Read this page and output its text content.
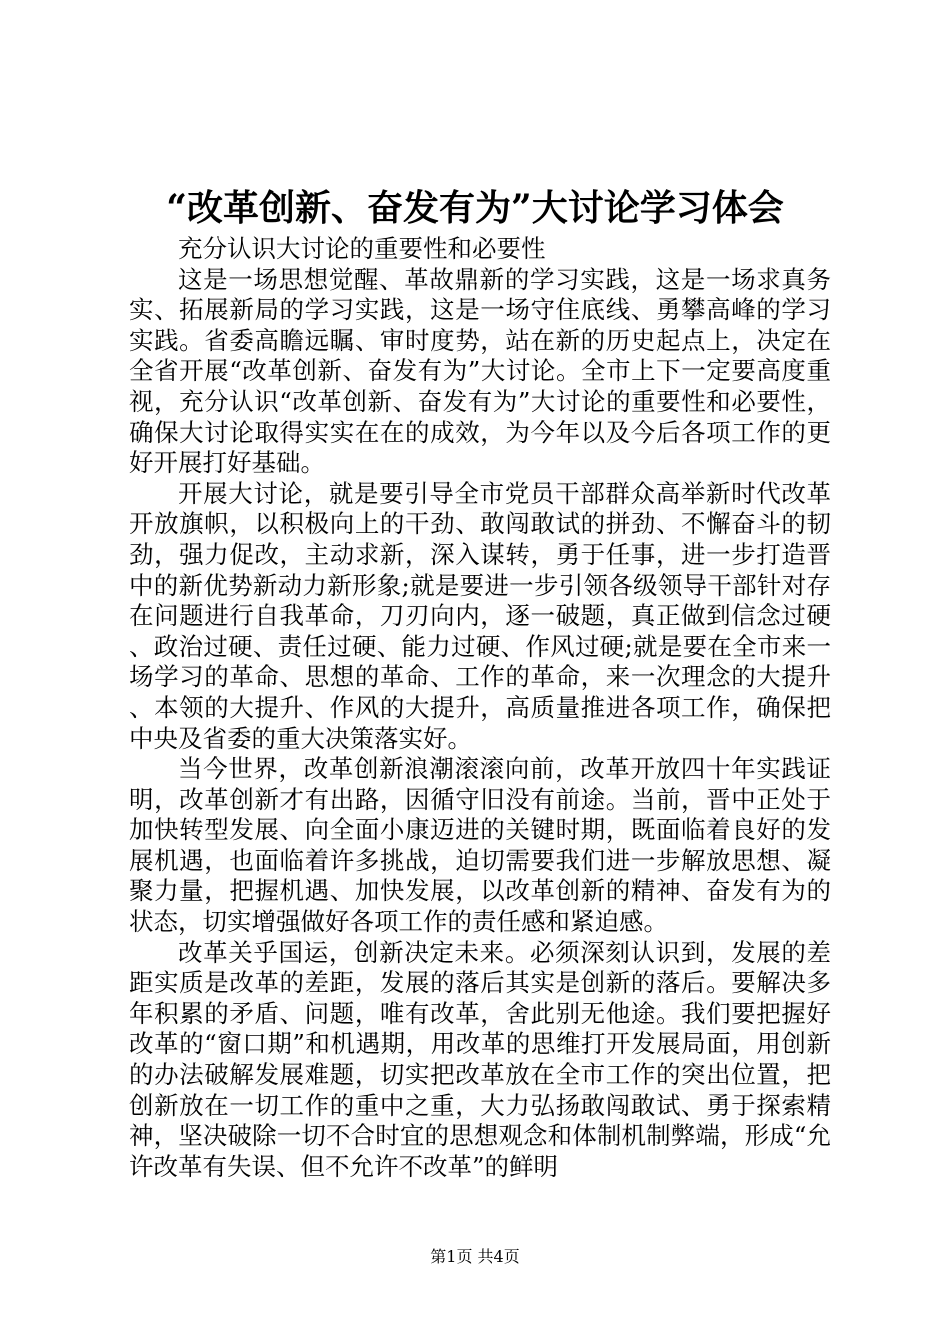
“改革创新、奋发有为”大讨论学习体会

充分认识大讨论的重要性和必要性

这是一场思想觉醒、革故鼎新的学习实践，这是一场求真务实、拓展新局的学习实践，这是一场守住底线、勇攀高峰的学习实践。省委高瞻远瞩、审时度势，站在新的历史起点上，决定在全省开展“改革创新、奋发有为”大讨论。全市上下一定要高度重视，充分认识“改革创新、奋发有为”大讨论的重要性和必要性，确保大讨论取得实实在在的成效，为今年以及今后各项工作的更好开展打好基础。

开展大讨论，就是要引导全市党员干部群众高举新时代改革开放旗帜，以积极向上的干劲、敢闯敢试的拼劲、不懈奋斗的韧劲，强力促改，主动求新，深入谋转，勇于任事，进一步打造晋中的新优势新动力新形象;就是要进一步引领各级领导干部针对存在问题进行自我革命，刀刃向内，逐一破题，真正做到信念过硬、政治过硬、责任过硬、能力过硬、作风过硬;就是要在全市来一场学习的革命、思想的革命、工作的革命，来一次理念的大提升、本领的大提升、作风的大提升，高质量推进各项工作，确保把中央及省委的重大决策落实好。

当今世界，改革创新浪潮滚滚向前，改革开放四十年实践证明，改革创新才有出路，因循守旧没有前途。当前，晋中正处于加快转型发展、向全面小康迈进的关键时期，既面临着良好的发展机遇，也面临着许多挑战，迫切需要我们进一步解放思想、凝聚力量，把握机遇、加快发展，以改革创新的精神、奋发有为的状态，切实增强做好各项工作的责任感和紧迫感。

改革关乎国运，创新决定未来。必须深刻认识到，发展的差距实质是改革的差距，发展的落后其实是创新的落后。要解决多年积累的矛盾、问题，唯有改革，舍此别无他途。我们要把握好改革的“窗口期”和机遇期，用改革的思维打开发展局面，用创新的办法破解发展难题，切实把改革放在全市工作的突出位置，把创新放在一切工作的重中之重，大力弘扬敢闯敢试、勇于探索精神，坚决破除一切不合时宜的思想观念和体制机制弊端，形成“允许改革有失误、但不允许不改革”的鲜明

第1页 共4页
